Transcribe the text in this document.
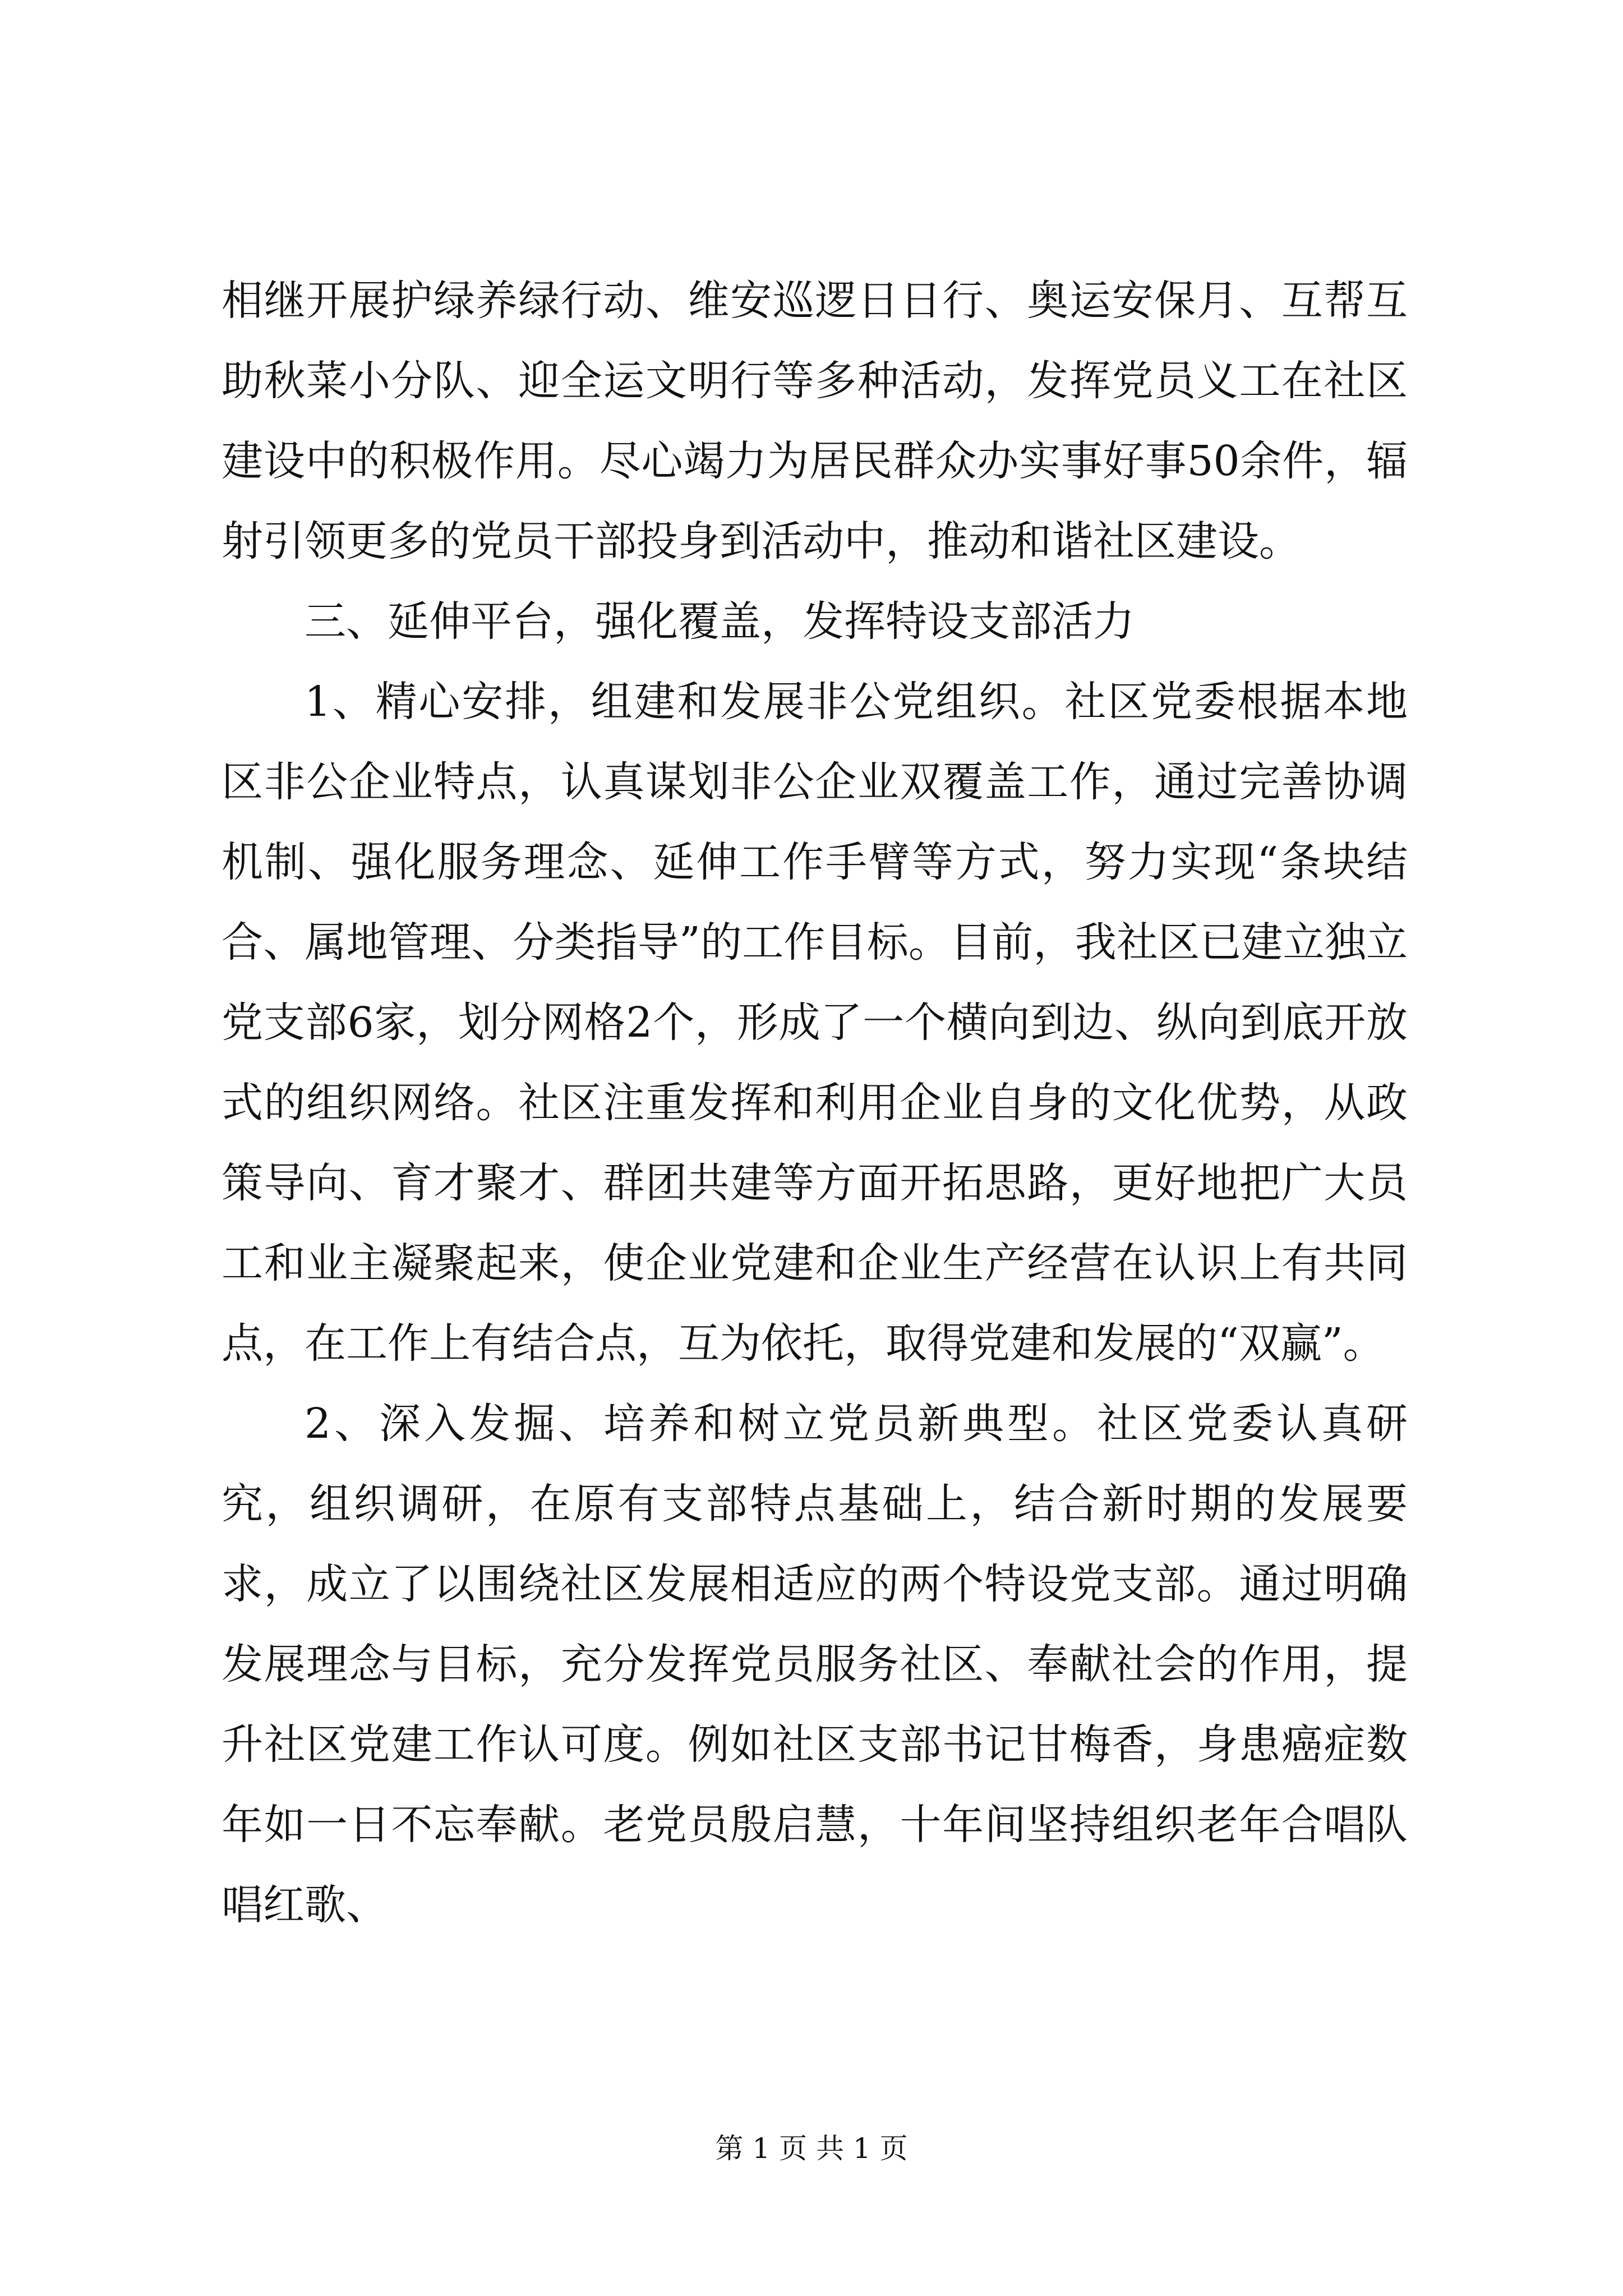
相继开展护绿养绿行动、维安巡逻日日行、奥运安保月、互帮互助秋菜小分队、迎全运文明行等多种活动，发挥党员义工在社区建设中的积极作用。尽心竭力为居民群众办实事好事50余件，辐射引领更多的党员干部投身到活动中，推动和谐社区建设。

三、延伸平台，强化覆盖，发挥特设支部活力

1、精心安排，组建和发展非公党组织。社区党委根据本地区非公企业特点，认真谋划非公企业双覆盖工作，通过完善协调机制、强化服务理念、延伸工作手臂等方式，努力实现“条块结合、属地管理、分类指导”的工作目标。目前，我社区已建立独立党支部6家，划分网格2个，形成了一个横向到边、纵向到底开放式的组织网络。社区注重发挥和利用企业自身的文化优势，从政策导向、育才聚才、群团共建等方面开拓思路，更好地把广大员工和业主凝聚起来，使企业党建和企业生产经营在认识上有共同点，在工作上有结合点，互为依托，取得党建和发展的“双赢”。

2、深入发掘、培养和树立党员新典型。社区党委认真研究，组织调研，在原有支部特点基础上，结合新时期的发展要求，成立了以围绕社区发展相适应的两个特设党支部。通过明确发展理念与目标，充分发挥党员服务社区、奉献社会的作用，提升社区党建工作认可度。例如社区支部书记甘梅香，身患癌症数年如一日不忘奉献。老党员殷启慧，十年间坚持组织老年合唱队唱红歌、

第 1 页 共 1 页
